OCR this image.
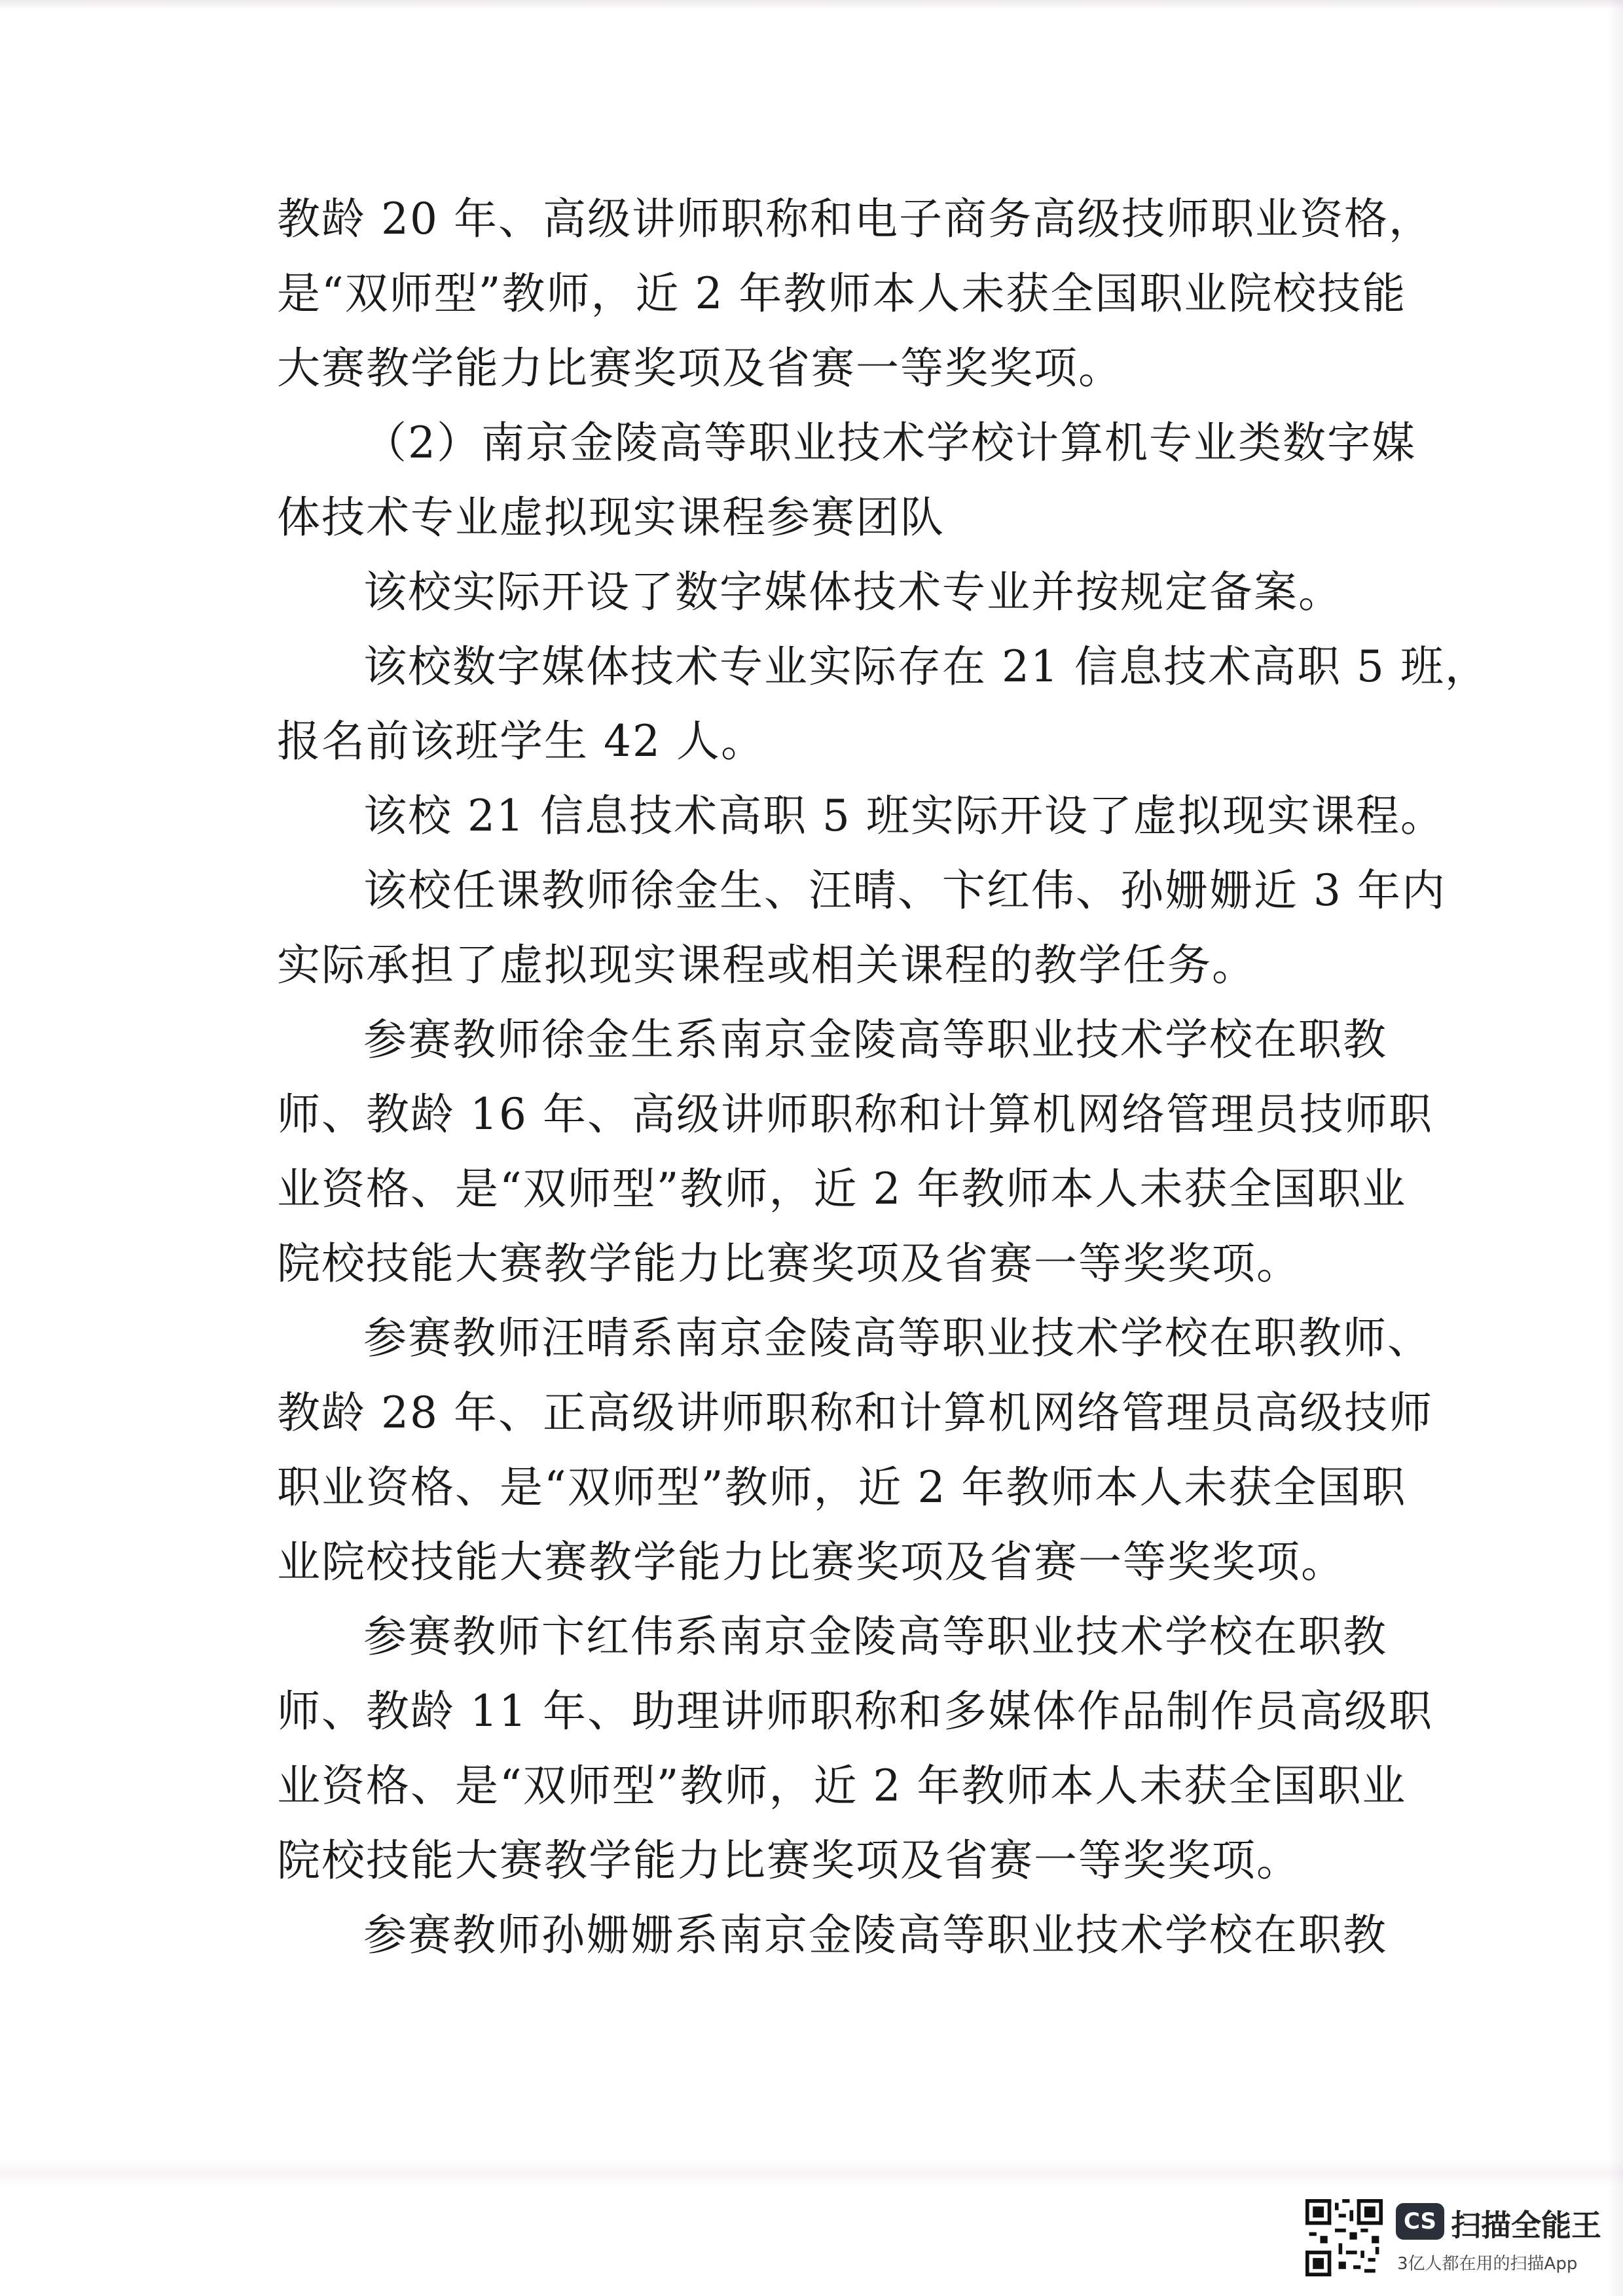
教龄 20 年、高级讲师职称和电子商务高级技师职业资格，
是“双师型”教师，近 2 年教师本人未获全国职业院校技能
大赛教学能力比赛奖项及省赛一等奖奖项。
（2）南京金陵高等职业技术学校计算机专业类数字媒
体技术专业虚拟现实课程参赛团队
该校实际开设了数字媒体技术专业并按规定备案。
该校数字媒体技术专业实际存在 21 信息技术高职 5 班，
报名前该班学生 42 人。
该校 21 信息技术高职 5 班实际开设了虚拟现实课程。
该校任课教师徐金生、汪晴、卞红伟、孙姗姗近 3 年内
实际承担了虚拟现实课程或相关课程的教学任务。
参赛教师徐金生系南京金陵高等职业技术学校在职教
师、教龄 16 年、高级讲师职称和计算机网络管理员技师职
业资格、是“双师型”教师，近 2 年教师本人未获全国职业
院校技能大赛教学能力比赛奖项及省赛一等奖奖项。
参赛教师汪晴系南京金陵高等职业技术学校在职教师、
教龄 28 年、正高级讲师职称和计算机网络管理员高级技师
职业资格、是“双师型”教师，近 2 年教师本人未获全国职
业院校技能大赛教学能力比赛奖项及省赛一等奖奖项。
参赛教师卞红伟系南京金陵高等职业技术学校在职教
师、教龄 11 年、助理讲师职称和多媒体作品制作员高级职
业资格、是“双师型”教师，近 2 年教师本人未获全国职业
院校技能大赛教学能力比赛奖项及省赛一等奖奖项。
参赛教师孙姗姗系南京金陵高等职业技术学校在职教
CS 扫描全能王
3亿人都在用的扫描App
